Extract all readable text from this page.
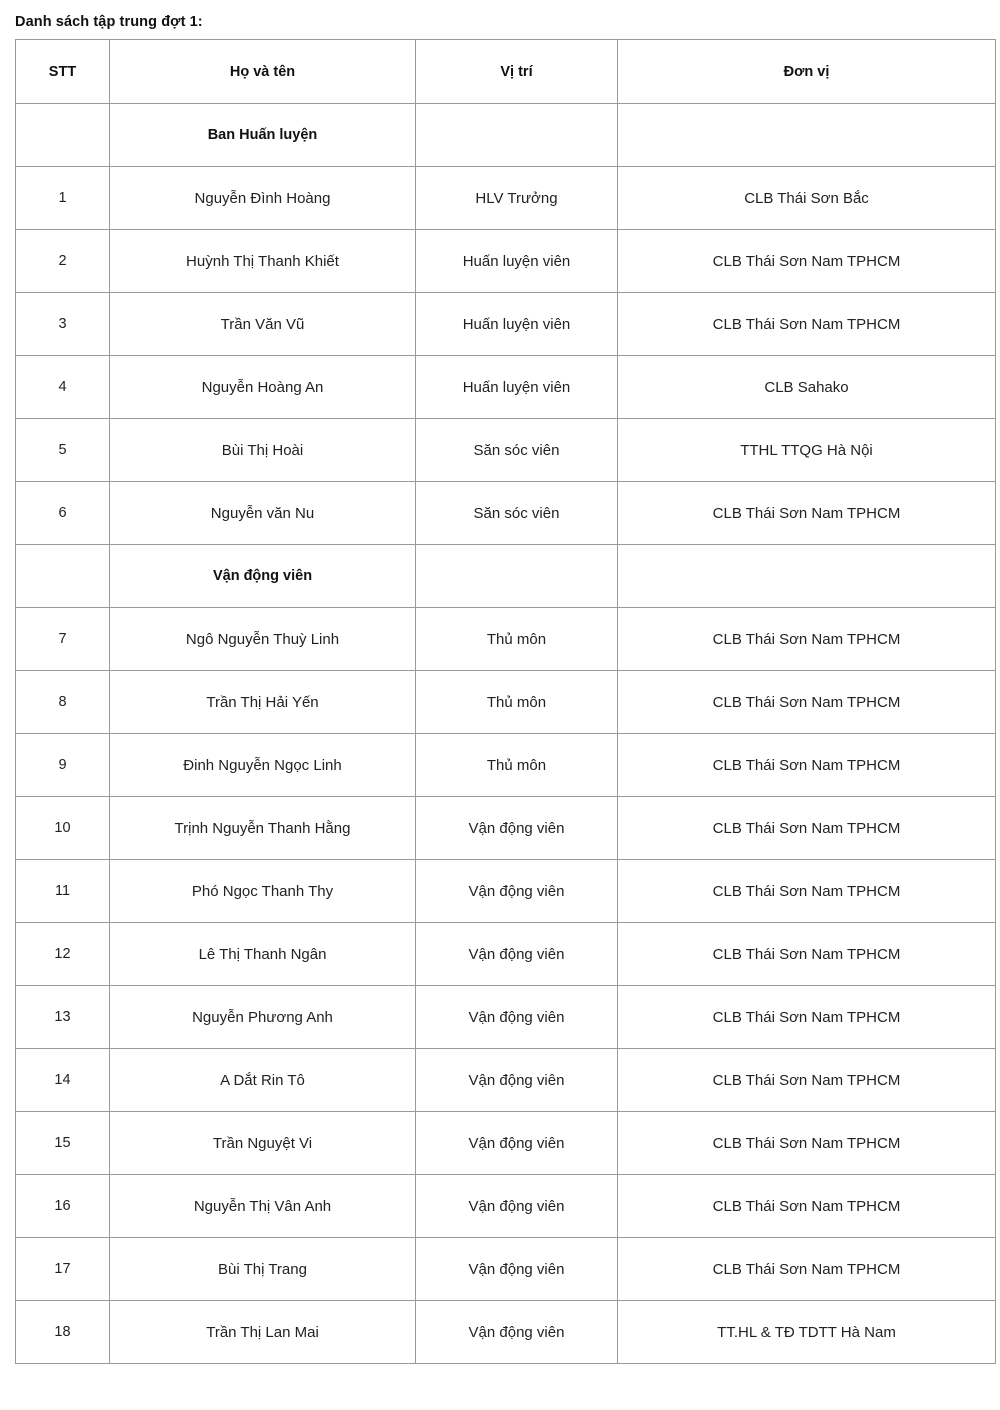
Danh sách tập trung đợt 1:
STT	Họ và tên	Vị trí	Đơn vị
	Ban Huấn luyện		
1	Nguyễn Đình Hoàng	HLV Trưởng	CLB Thái Sơn Bắc
2	Huỳnh Thị Thanh Khiết	Huấn luyện viên	CLB Thái Sơn Nam TPHCM
3	Trần Văn Vũ	Huấn luyện viên	CLB Thái Sơn Nam TPHCM
4	Nguyễn Hoàng An	Huấn luyện viên	CLB Sahako
5	Bùi Thị Hoài	Săn sóc viên	TTHL TTQG Hà Nội
6	Nguyễn văn Nu	Săn sóc viên	CLB Thái Sơn Nam TPHCM
	Vận động viên		
7	Ngô Nguyễn Thuỳ Linh	Thủ môn	CLB Thái Sơn Nam TPHCM
8	Trần Thị Hải Yến	Thủ môn	CLB Thái Sơn Nam TPHCM
9	Đinh Nguyễn Ngọc Linh	Thủ môn	CLB Thái Sơn Nam TPHCM
10	Trịnh Nguyễn Thanh Hằng	Vận động viên	CLB Thái Sơn Nam TPHCM
11	Phó Ngọc Thanh Thy	Vận động viên	CLB Thái Sơn Nam TPHCM
12	Lê Thị Thanh Ngân	Vận động viên	CLB Thái Sơn Nam TPHCM
13	Nguyễn Phương Anh	Vận động viên	CLB Thái Sơn Nam TPHCM
14	A Dắt Rin Tô	Vận động viên	CLB Thái Sơn Nam TPHCM
15	Trần Nguyệt Vi	Vận động viên	CLB Thái Sơn Nam TPHCM
16	Nguyễn Thị Vân Anh	Vận động viên	CLB Thái Sơn Nam TPHCM
17	Bùi Thị Trang	Vận động viên	CLB Thái Sơn Nam TPHCM
18	Trần Thị Lan Mai	Vận động viên	TT.HL & TĐ TDTT Hà Nam
